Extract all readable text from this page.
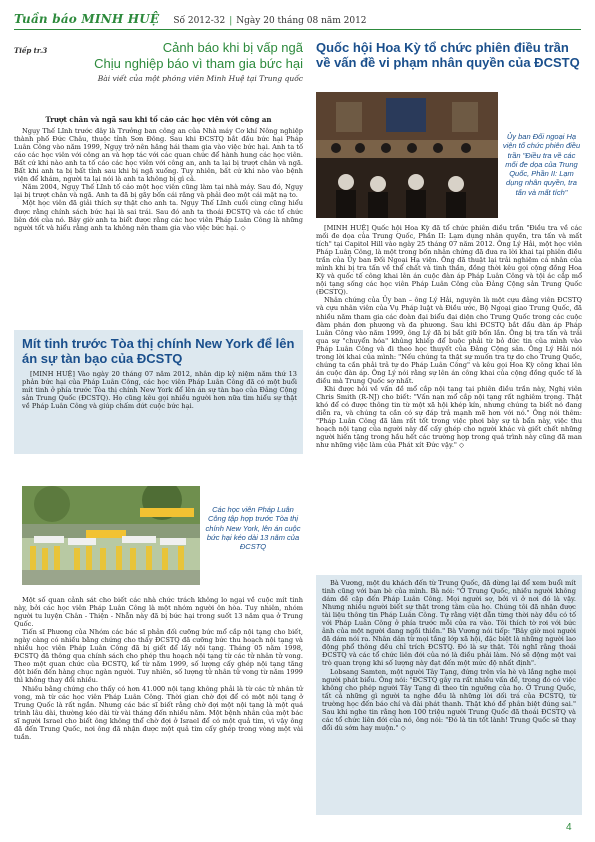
Tuần báo MINH HUỆ Số 2012-32 | Ngày 20 tháng 08 năm 2012
Tiếp tr.3	Cảnh báo khi bị vấp ngã
Chịu nghiệp báo vì tham gia bức hại
Bài viết của một phóng viên Minh Huệ tại Trung quốc

Trượt chân và ngã sau khi tố cáo các học viên với công an

Ngụy Thế Lĩnh trước đây là Trưởng ban công an của Nhà máy Cơ khí Nông nghiệp thành phố Đức Châu, thuộc tỉnh Sơn Đông. Sau khi ĐCSTQ bắt đầu bức hại Pháp Luân Công vào năm 1999, Ngụy trở nên hăng hái tham gia vào việc bức hại. Anh ta tố cáo các học viên với công an và hợp tác với các quan chức để hành hung các học viên. Bất cứ khi nào anh ta tố cáo các học viên với công an, anh ta lại bị trượt chân và ngã. Bất khi anh ta bị bất tỉnh sau khi bị ngã xuống. Tuy nhiên, bất cứ khi nào vào bệnh viện để khám, người ta lại nói là anh ta không bị gì cả.

Năm 2004, Ngụy Thế Lĩnh tố cáo một học viên cũng làm tại nhà máy. Sau đó, Ngụy lại bị trượt chân và ngã. Anh ta đã bị gãy bốn cái răng và phải đeo một cái mặt nạ to.

Một học viên đã giải thích sự thật cho anh ta. Ngụy Thế Lĩnh cuối cùng cũng hiểu được rằng chính sách bức hại là sai trái. Sau đó anh ta thoái ĐCSTQ và các tổ chức liên đới của nó. Bây giờ anh ta biết được rằng các học viên Pháp Luân Công là những người tốt và hiểu rằng anh ta không nên tham gia vào việc bức hại. ◇

Mít tinh trước Tòa thị chính New York để lên án sự tàn bạo của ĐCSTQ

[MINH HUỆ] Vào ngày 20 tháng 07 năm 2012, nhân dịp kỷ niệm năm thứ 13 phản bức hại của Pháp Luân Công, các học viên Pháp Luân Công đã có một buổi mít tinh ở phía trước Tòa thị chính New York để lên án sự tàn bạo của Đảng Cộng sản Trung Quốc (ĐCSTQ). Họ cũng kêu gọi nhiều người hơn nữa tìm hiểu sự thật về Pháp Luân Công và giúp chấm dứt cuộc bức hại.

Các học viên Pháp Luân Công tập hợp trước Tòa thị chính New York, lên án cuộc bức hại kéo dài 13 năm của ĐCSTQ

Một số quan cảnh sát cho biết các nhà chức trách không lo ngại về cuộc mít tinh này, bởi các học viên Pháp Luân Công là một nhóm người ôn hòa. Tuy nhiên, nhóm người tu luyện Chân - Thiện - Nhẫn này đã bị bức hại trong suốt 13 năm qua ở Trung Quốc.

Tiến sĩ Phương của Nhóm các bác sĩ phản đối cưỡng bức mổ cắp nội tạng cho biết, ngày càng có nhiều bằng chứng cho thấy ĐCSTQ đã cưỡng bức thu hoạch nội tạng và nhiều học viên Pháp Luân Công đã bị giết để lấy nội tạng. Tháng 05 năm 1998, ĐCSTQ đã thông qua chính sách cho phép thu hoạch nội tạng từ các tử nhân tử vong. Theo một quan chức của ĐCSTQ, kể từ năm 1999, số lượng cấy ghép nội tạng tăng đột biến đến hàng chục ngàn người. Tuy nhiên, số lượng tử nhân tử vong từ năm 1999 thì không thay đổi nhiều.

Nhiều bằng chứng cho thấy có hơn 41.000 nội tạng không phải là từ các tử nhân tử vong, mà từ các học viên Pháp Luân Công. Thời gian chờ đợi để có một nội tạng ở Trung Quốc là rất ngắn. Nhưng các bác sĩ biết rằng chờ đợi một nội tạng là một quá trình lâu dài, thường kéo dài từ vài tháng đến nhiều năm. Một bệnh nhân của một bác sĩ người Israel cho biết ông không thể chờ đợi ở Israel để có một quả tim, vì vậy ông đã đến Trung Quốc, nơi ông đã nhận được một quả tim cấy ghép trong vòng một vài tuần.

Quốc hội Hoa Kỳ tổ chức phiên điều trần về vấn đề vi phạm nhân quyền của ĐCSTQ
Ủy ban Đối ngoại Hạ viện tổ chức phiên điều trần "Điều tra về các mối đe dọa của Trung Quốc, Phần II: Lạm dụng nhân quyền, tra tấn và mất tích"

[MINH HUỆ] Quốc hội Hoa Kỳ đã tổ chức phiên điều trần "Điều tra về các mối đe dọa của Trung Quốc, Phần II: Lạm dụng nhân quyền, tra tấn và mất tích" tại Capitol Hill vào ngày 25 tháng 07 năm 2012. Ông Lý Hải, một học viên Pháp Luân Công, là một trong bốn nhân chứng đã đưa ra lời khai tại phiên điều trần của Ủy ban Đối Ngoại Hạ viện. Ông đã thuật lại trải nghiệm cá nhân của mình khi bị tra tấn về thể chất và tinh thần, đồng thời kêu gọi cộng đồng Hoa Kỳ và quốc tế công khai lên án cuộc đàn áp Pháp Luân Công và tội ác cắp mổ nội tạng sống các học viên Pháp Luân Công của Đảng Cộng sản Trung Quốc (ĐCSTQ).

Nhân chứng của Ủy ban – ông Lý Hải, nguyên là một cựu đảng viên ĐCSTQ và cựu nhân viên của Vụ Pháp luật và Điều ước, Bộ Ngoại giao Trung Quốc, đã nhiều năm tham gia các đoàn đại biểu đại diện cho Trung Quốc trong các cuộc đàm phán đơn phương và đa phương. Sau khi ĐCSTQ bắt đầu đàn áp Pháp Luân Công vào năm 1999, ông Lý đã bị bắt giữ bốn lần. Ông bị tra tấn và trải qua sự "chuyển hóa" khủng khiếp để buộc phải từ bỏ đức tin của mình vào Pháp Luân Công và đi theo học thuyết của Đảng Cộng sản. Ông Lý Hải nói trong lời khai của mình: "Nếu chúng ta thật sự muốn tra tự do cho Trung Quốc, chúng ta cần phải trả tự do Pháp Luân Công" và kêu gọi Hoa Kỳ công khai lên án cuộc đàn áp. Ông Lý nói rằng sự lên án công khai của cộng đồng quốc tế là điều mà Trung Quốc sợ nhất.

Khi được hỏi về vấn đề mổ cắp nội tạng tại phiên điều trần này, Nghị viên Chris Smith (R-NJ) cho biết: "Vấn nạn mổ cắp nội tạng rất nghiêm trọng. Thật khó để có được thông tin từ một xã hội khép kín, nhưng chúng ta biết nó đang diễn ra, và chúng ta cần có sự đáp trả mạnh mẽ hơn với nó." Ông nói thêm: "Pháp Luân Công đã làm rất tốt trong việc phơi bày sự tà bẩn này, việc thu hoạch nội tạng của người này để cấy ghép cho người khác và giết chết những người hiến tặng trong hầu hết các trường hợp trong quá trình này cũng đã man như những việc làm của Phát xít Đức vậy." ◇

Bà Vương, một du khách đến từ Trung Quốc, đã dừng lại để xem buổi mít tinh cũng với bạn bè của mình. Bà nói: "Ở Trung Quốc, nhiều người không dám đề cập đến Pháp Luân Công. Mọi người sợ, bởi vì ở nơi đó là vậy. Nhưng nhiều người biết sự thật trong tâm của họ. Chúng tôi đã nhận được tài liệu thông tin Pháp Luân Công. Tự rằng việt dẫn từng thời này đều có tố với Pháp Luân Công ở phía trước mỗi cửa ra vào. Tôi thích tờ rơi với bức ảnh của một người đang ngồi thiền." Bà Vương nói tiếp: "Bây giờ mọi người đã dám nói ra. Nhân dân từ mọi tầng lớp xã hội, đặc biệt là những người lao động phổ thông đều chỉ trích ĐCSTQ. Đó là sự thật. Tôi nghĩ rằng thoái ĐCSTQ và các tổ chức liên đới của nó là điều phải làm. Nó sẽ động một vai trò quan trọng khi số lượng này đạt đến một mức độ nhất định".

Lobsang Samten, một người Tây Tạng, đứng trên vỉa hè và lắng nghe mọi người phát biểu. Ông nói: "ĐCSTQ gây ra rất nhiều vấn đề, trong đó có việc không cho phép người Tây Tạng đi theo tín ngưỡng của họ. Ở Trung Quốc, tất cả những gì người ta nghe đều là những lời dối trá của ĐCSTQ, từ trường học đến báo chí và đài phát thanh. Thật khó để phân biệt đúng sai." Sau khi nghe tin rằng hơn 100 triệu người Trung Quốc đã thoái ĐCSTQ và các tổ chức liên đới của nó, ông nói: "Đó là tin tốt lành! Trung Quốc sẽ thay đổi dù sớm hay muộn." ◇

4
